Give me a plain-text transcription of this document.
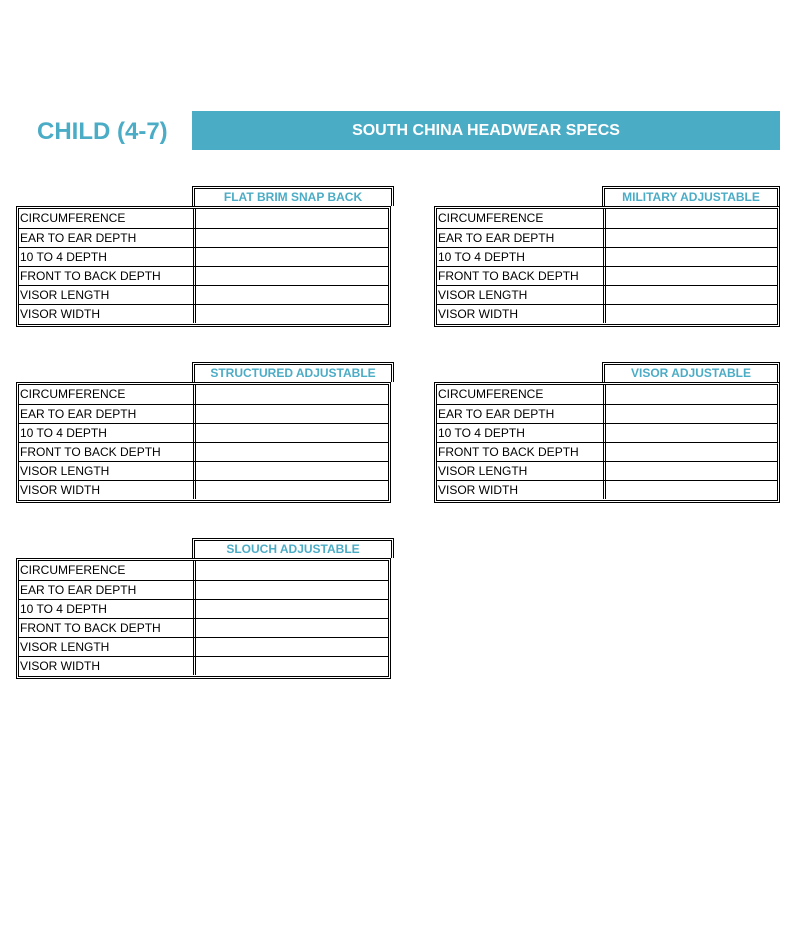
CHILD (4-7)	SOUTH CHINA HEADWEAR SPECS
FLAT BRIM SNAP BACK
CIRCUMFERENCE
EAR TO EAR DEPTH
10 TO 4 DEPTH
FRONT TO BACK DEPTH
VISOR LENGTH
VISOR WIDTH
MILITARY ADJUSTABLE
CIRCUMFERENCE
EAR TO EAR DEPTH
10 TO 4 DEPTH
FRONT TO BACK DEPTH
VISOR LENGTH
VISOR WIDTH
STRUCTURED ADJUSTABLE
CIRCUMFERENCE
EAR TO EAR DEPTH
10 TO 4 DEPTH
FRONT TO BACK DEPTH
VISOR LENGTH
VISOR WIDTH
VISOR ADJUSTABLE
CIRCUMFERENCE
EAR TO EAR DEPTH
10 TO 4 DEPTH
FRONT TO BACK DEPTH
VISOR LENGTH
VISOR WIDTH
SLOUCH ADJUSTABLE
CIRCUMFERENCE
EAR TO EAR DEPTH
10 TO 4 DEPTH
FRONT TO BACK DEPTH
VISOR LENGTH
VISOR WIDTH
